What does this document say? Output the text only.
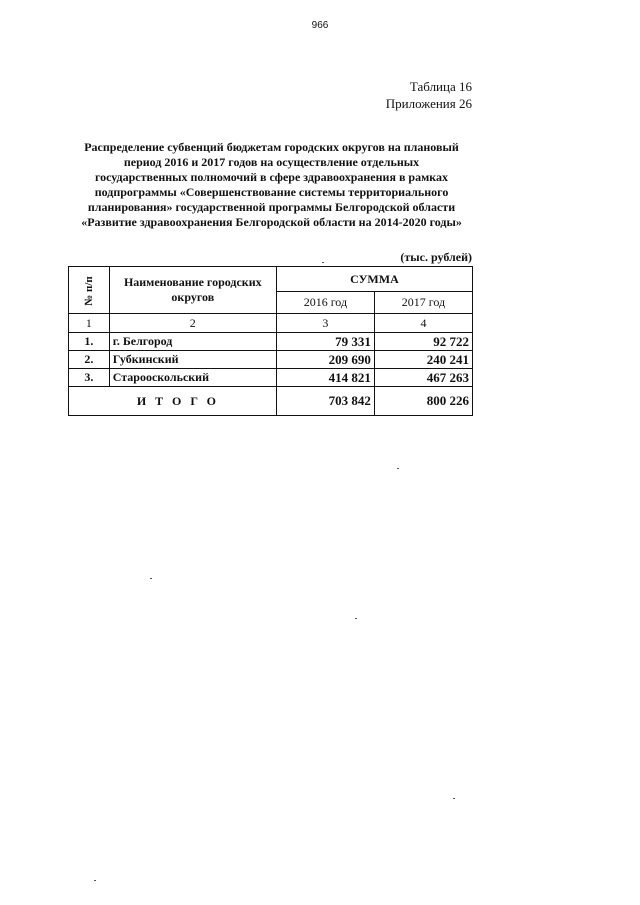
966
Таблица 16
Приложения 26
Распределение субвенций бюджетам городских округов на плановый
период 2016 и 2017 годов на осуществление отдельных
государственных полномочий в сфере здравоохранения в рамках
подпрограммы «Совершенствование системы территориального
планирования» государственной программы Белгородской области
«Развитие здравоохранения Белгородской области на 2014-2020 годы»
(тыс. рублей)
№ п/п	Наименование городских округов	СУММА	
		2016 год	2017 год
1	2	3	4
1.	г. Белгород	79 331	92 722
2.	Губкинский	209 690	240 241
3.	Старооскольский	414 821	467 263
ИТОГО		703 842	800 226
